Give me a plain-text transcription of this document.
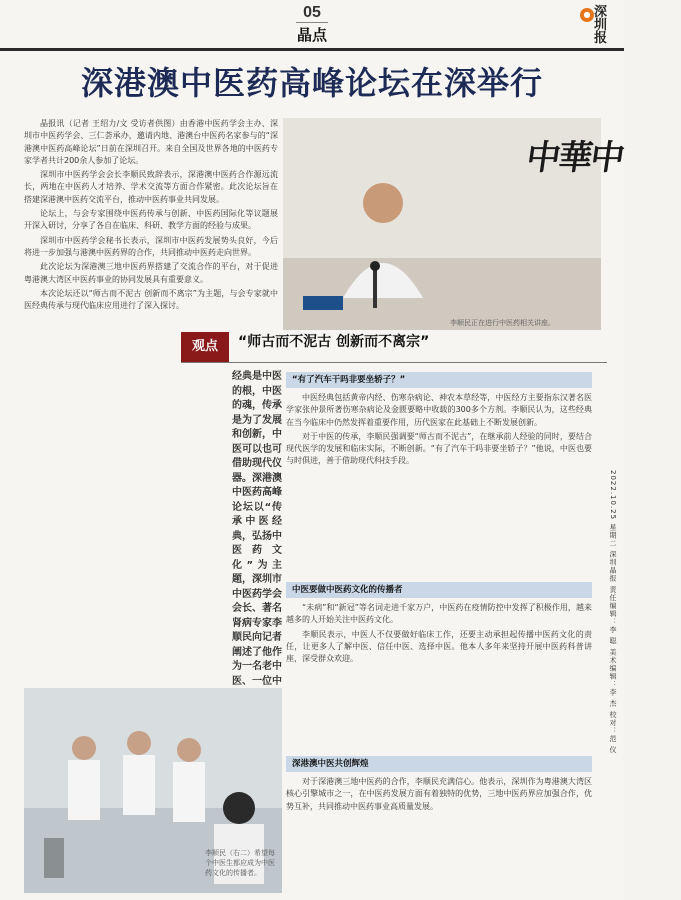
05
晶点
● 深圳报
深港澳中医药高峰论坛在深举行

晶报讯（记者 王绍力/文 受访者供图）由香港中医药学会主办、深圳市中医药学会、三仁荟承办，邀请内地、港澳台中医药名家参与的“深港澳中医药高峰论坛”日前在深圳召开。来自全国及世界各地的中医药专家学者共计200余人参加了论坛。

深圳市中医药学会会长李顺民致辞表示，深港澳中医药合作源远流长，两地在中医药人才培养、学术交流等方面合作紧密。此次论坛旨在搭建深港澳中医药交流平台，推动中医药事业共同发展。

论坛上，与会专家围绕中医药传承与创新、中医药国际化等议题展开深入研讨，分享了各自在临床、科研、教学方面的经验与成果。

深圳市中医药学会秘书长表示，深圳市中医药发展势头良好，今后将进一步加强与港澳中医药界的合作，共同推动中医药走向世界。

此次论坛为深港澳三地中医药界搭建了交流合作的平台，对于促进粤港澳大湾区中医药事业的协同发展具有重要意义。

本次论坛还以“师古而不泥古 创新而不离宗”为主题，与会专家就中医经典传承与现代临床应用进行了深入探讨。

中華中
李顺民正在进行中医药相关讲座。
观点	“师古而不泥古 创新而不离宗”
经典是中医的根，中医的魂，传承是为了发展和创新，中医可以也可借助现代仪器。深港澳中医药高峰论坛以“传承中医经典，弘扬中医药文化”为主题，深圳市中医药学会会长、著名肾病专家李顺民向记者阐述了他作为一名老中医、一位中
“有了汽车干吗非要坐轿子？”

中医经典包括黄帝内经、伤寒杂病论、神农本草经等，中医经方主要指东汉著名医学家张仲景所著伤寒杂病论及金匮要略中收载的300多个方剂。李顺民认为，这些经典在当今临床中仍然发挥着重要作用，历代医家在此基础上不断发展创新。

对于中医的传承，李顺民强调要“师古而不泥古”，在继承前人经验的同时，要结合现代医学的发展和临床实际，不断创新。“有了汽车干吗非要坐轿子？”他说，中医也要与时俱进，善于借助现代科技手段。

中医要做中医药文化的传播者

“未病”和“新冠”等名词走进千家万户，中医药在疫情防控中发挥了积极作用，越来越多的人开始关注中医药文化。

李顺民表示，中医人不仅要做好临床工作，还要主动承担起传播中医药文化的责任，让更多人了解中医、信任中医、选择中医。他本人多年来坚持开展中医药科普讲座，深受群众欢迎。

深港澳中医共创辉煌

对于深港澳三地中医药的合作，李顺民充满信心。他表示，深圳作为粤港澳大湾区核心引擎城市之一，在中医药发展方面有着独特的优势，三地中医药界应加强合作，优势互补，共同推动中医药事业高质量发展。

2022.10.25 星期二 深圳晶报 责任编辑：李 聪 美术编辑：李 杰 校对：范 仪
李顺民（右二）希望每个中医生都应成为中医药文化的传播者。
